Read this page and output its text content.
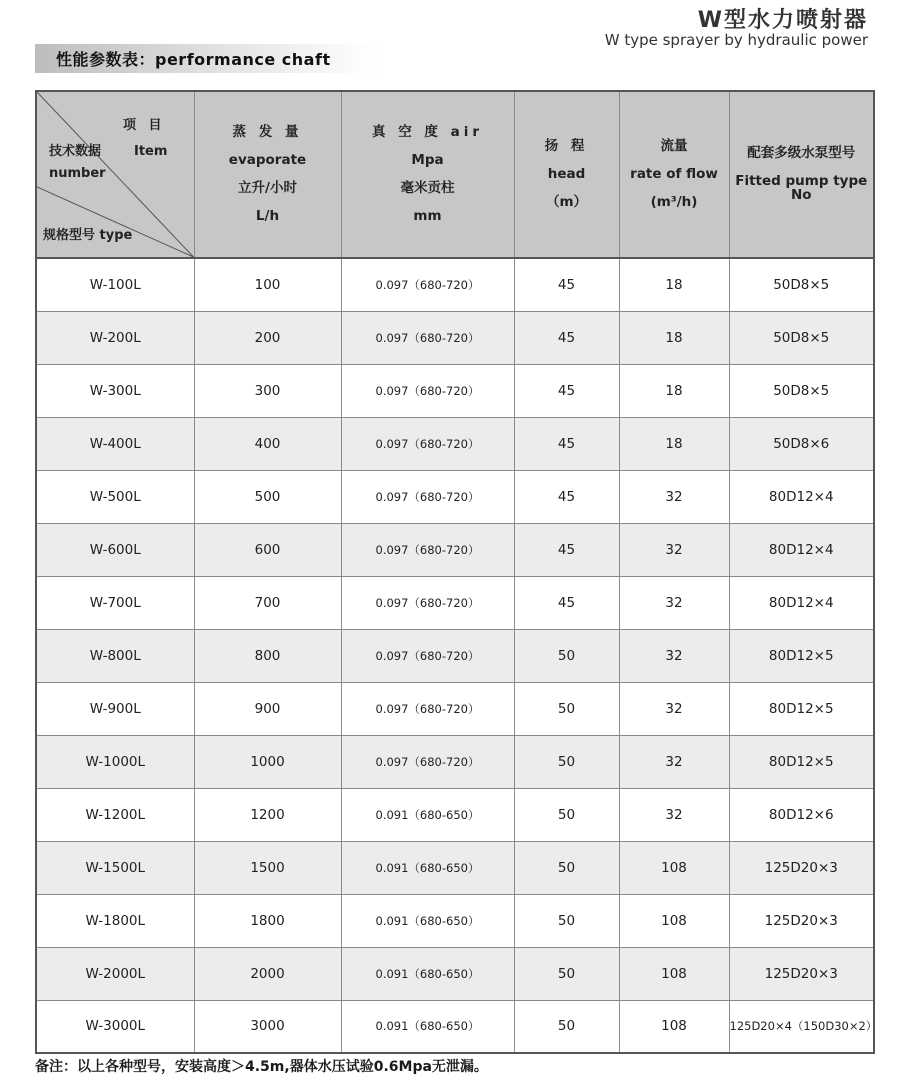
W型水力喷射器
W type sprayer by hydraulic power
性能参数表：performance chaft
项 目
Item
技术数据
number
规格型号 type

蒸 发 量
evaporate
立升/小时
L/h

真 空 度 air
Mpa
毫米贡柱
mm

扬 程
head
（m）

流量
rate of flow
(m³/h)

配套多级水泵型号
Fitted pump type No

W-100L	100	0.097（680-720）	45	18	50D8×5
W-200L	200	0.097（680-720）	45	18	50D8×5
W-300L	300	0.097（680-720）	45	18	50D8×5
W-400L	400	0.097（680-720）	45	18	50D8×6
W-500L	500	0.097（680-720）	45	32	80D12×4
W-600L	600	0.097（680-720）	45	32	80D12×4
W-700L	700	0.097（680-720）	45	32	80D12×4
W-800L	800	0.097（680-720）	50	32	80D12×5
W-900L	900	0.097（680-720）	50	32	80D12×5
W-1000L	1000	0.097（680-720）	50	32	80D12×5
W-1200L	1200	0.091（680-650）	50	32	80D12×6
W-1500L	1500	0.091（680-650）	50	108	125D20×3
W-1800L	1800	0.091（680-650）	50	108	125D20×3
W-2000L	2000	0.091（680-650）	50	108	125D20×3
W-3000L	3000	0.091（680-650）	50	108	125D20×4（150D30×2）
备注：以上各种型号，安装高度＞4.5m,器体水压试验0.6Mpa无泄漏。
